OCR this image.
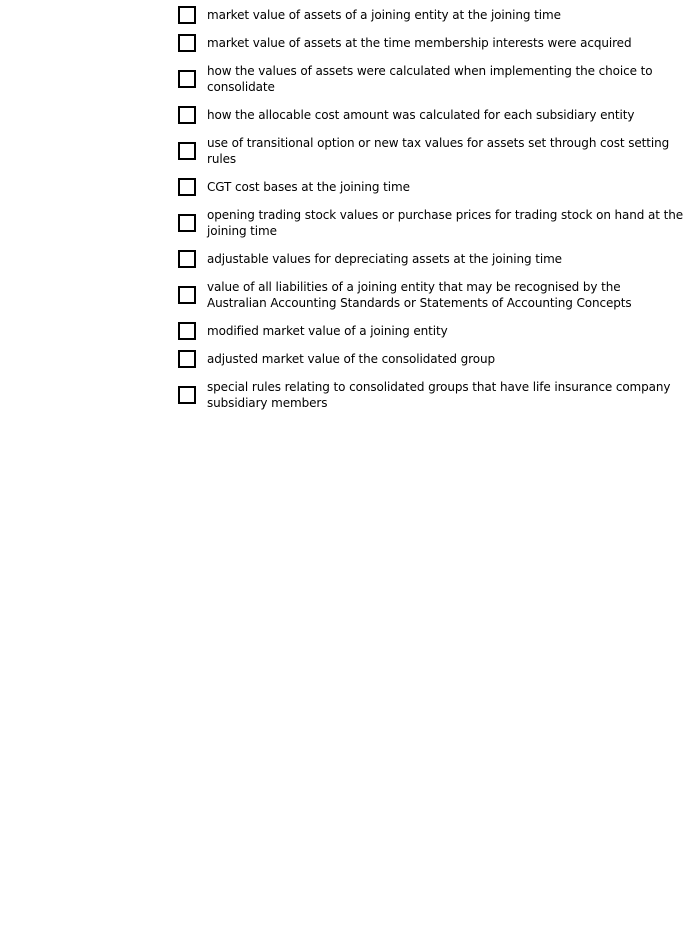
market value of assets of a joining entity at the joining time
market value of assets at the time membership interests were acquired
how the values of assets were calculated when implementing the choice to consolidate
how the allocable cost amount was calculated for each subsidiary entity
use of transitional option or new tax values for assets set through cost setting rules
CGT cost bases at the joining time
opening trading stock values or purchase prices for trading stock on hand at the joining time
adjustable values for depreciating assets at the joining time
value of all liabilities of a joining entity that may be recognised by the Australian Accounting Standards or Statements of Accounting Concepts
modified market value of a joining entity
adjusted market value of the consolidated group
special rules relating to consolidated groups that have life insurance company subsidiary members
